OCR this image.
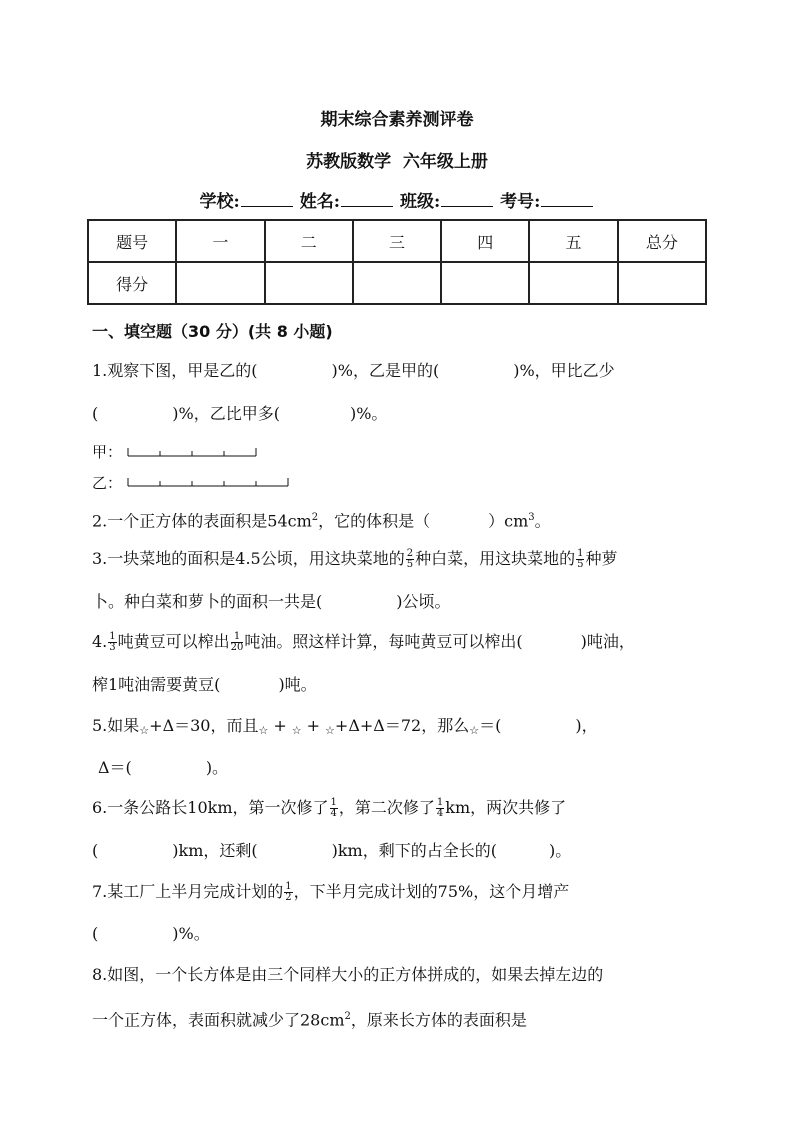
期末综合素养测评卷
苏教版数学  六年级上册
学校:	姓名:	班级:	考号:
题号	一	二	三	四	五	总分
得分						
一、填空题（30 分）(共 8 小题)
1.观察下图，甲是乙的(	)%，乙是甲的(	)%，甲比乙少
(	)%，乙比甲多(	)%。
甲：
乙：
2.一个正方体的表面积是$54cm^2$，它的体积是（	）$cm^3$。
3.一块菜地的面积是4.5公顷，用这块菜地的 $\frac{2}{5}$ 种白菜，用这块菜地的 $\frac{1}{5}$ 种萝
卜。种白菜和萝卜的面积一共是(	)公顷。
4. $\frac{1}{3}$ 吨黄豆可以榨出 $\frac{1}{20}$ 吨油。照这样计算，每吨黄豆可以榨出(	)吨油，
榨1吨油需要黄豆(	)吨。
5.如果☆+Δ＝30，而且☆ + ☆ + ☆+Δ+Δ＝72，那么☆＝(	)，
Δ＝(	)。
6.一条公路长10km，第一次修了 $\frac{1}{4}$ ，第二次修了 $\frac{1}{4}$ km，两次共修了
(	)km，还剩(	)km，剩下的占全长的(	)。
7.某工厂上半月完成计划的 $\frac{1}{2}$ ，下半月完成计划的75%，这个月增产
(	)%。
8.如图，一个长方体是由三个同样大小的正方体拼成的，如果去掉左边的
一个正方体，表面积就减少了$28cm^2$，原来长方体的表面积是
